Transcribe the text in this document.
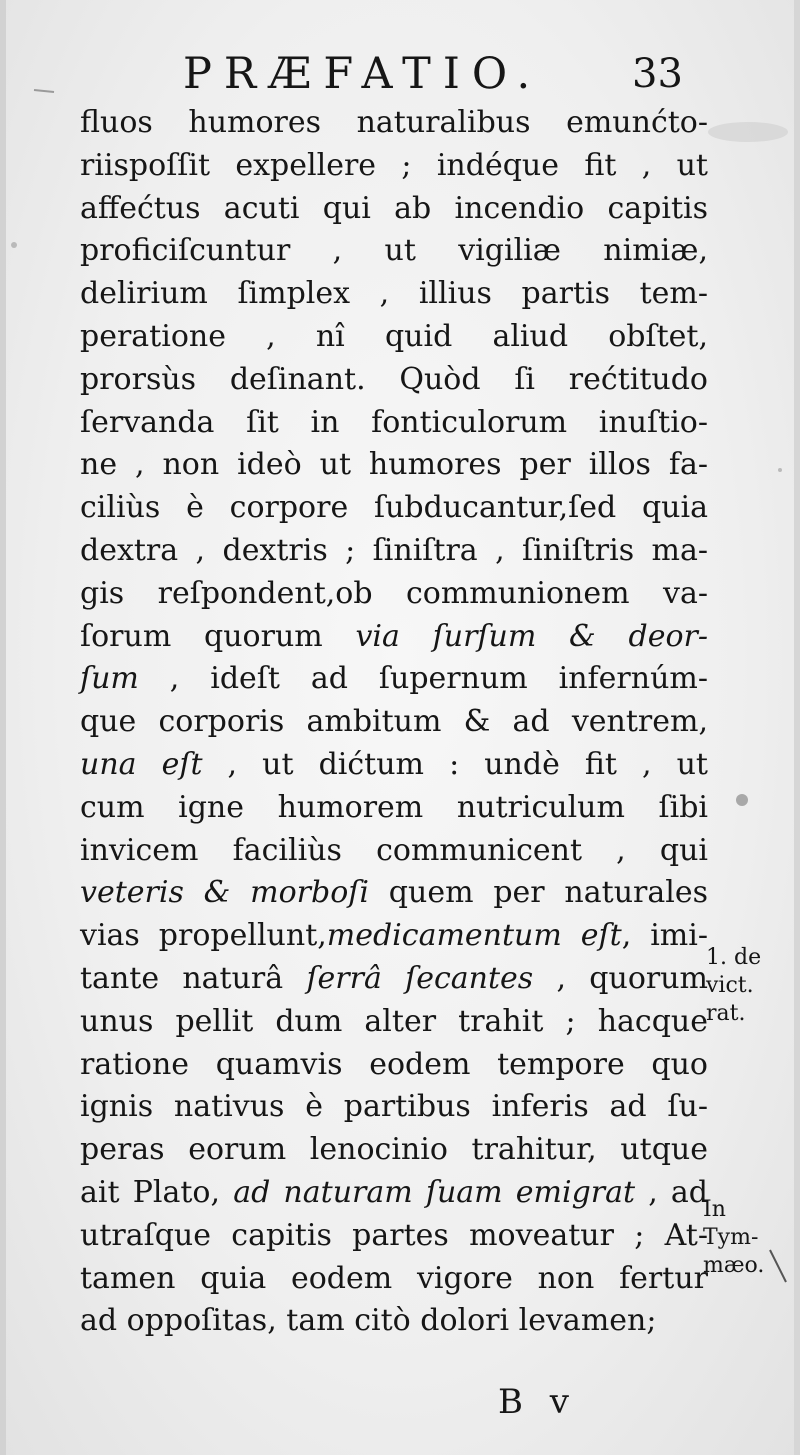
PRÆFATIO. 33
fluos humores naturalibus emunćto-
riispoſſit expellere ; indéque fit , ut
affećtus acuti qui ab incendio capitis
proficiſcuntur , ut vigiliæ nimiæ,
delirium ſimplex , illius partis tem-
peratione , nî quid aliud obſtet,
prorsùs deſinant. Quòd ſi rećtitudo
ſervanda ſit in fonticulorum inuſtio-
ne , non ideò ut humores per illos fa-
ciliùs è corpore ſubducantur,ſed quia
dextra , dextris ; ſiniſtra , ſiniſtris ma-
gis reſpondent,ob communionem va-
ſorum quorum via ſurſum & deor-
ſum , ideſt ad ſupernum infernúm-
que corporis ambitum & ad ventrem,
una eſt , ut dićtum : undè fit , ut
cum igne humorem nutriculum ſibi
invicem faciliùs communicent , qui
veteris & morboſi quem per naturales
vias propellunt,medicamentum eſt, imi-
tante naturâ ſerrâ ſecantes , quorum
unus pellit dum alter trahit ; hacque
ratione quamvis eodem tempore quo
ignis nativus è partibus inferis ad ſu-
peras eorum lenocinio trahitur, utque
ait Plato, ad naturam ſuam emigrat , ad
utraſque capitis partes moveatur ; At-
tamen quia eodem vigore non fertur
ad oppoſitas, tam citò dolori levamen;
1. de
vict.
rat.
In
Tym-
mæo.
B v
